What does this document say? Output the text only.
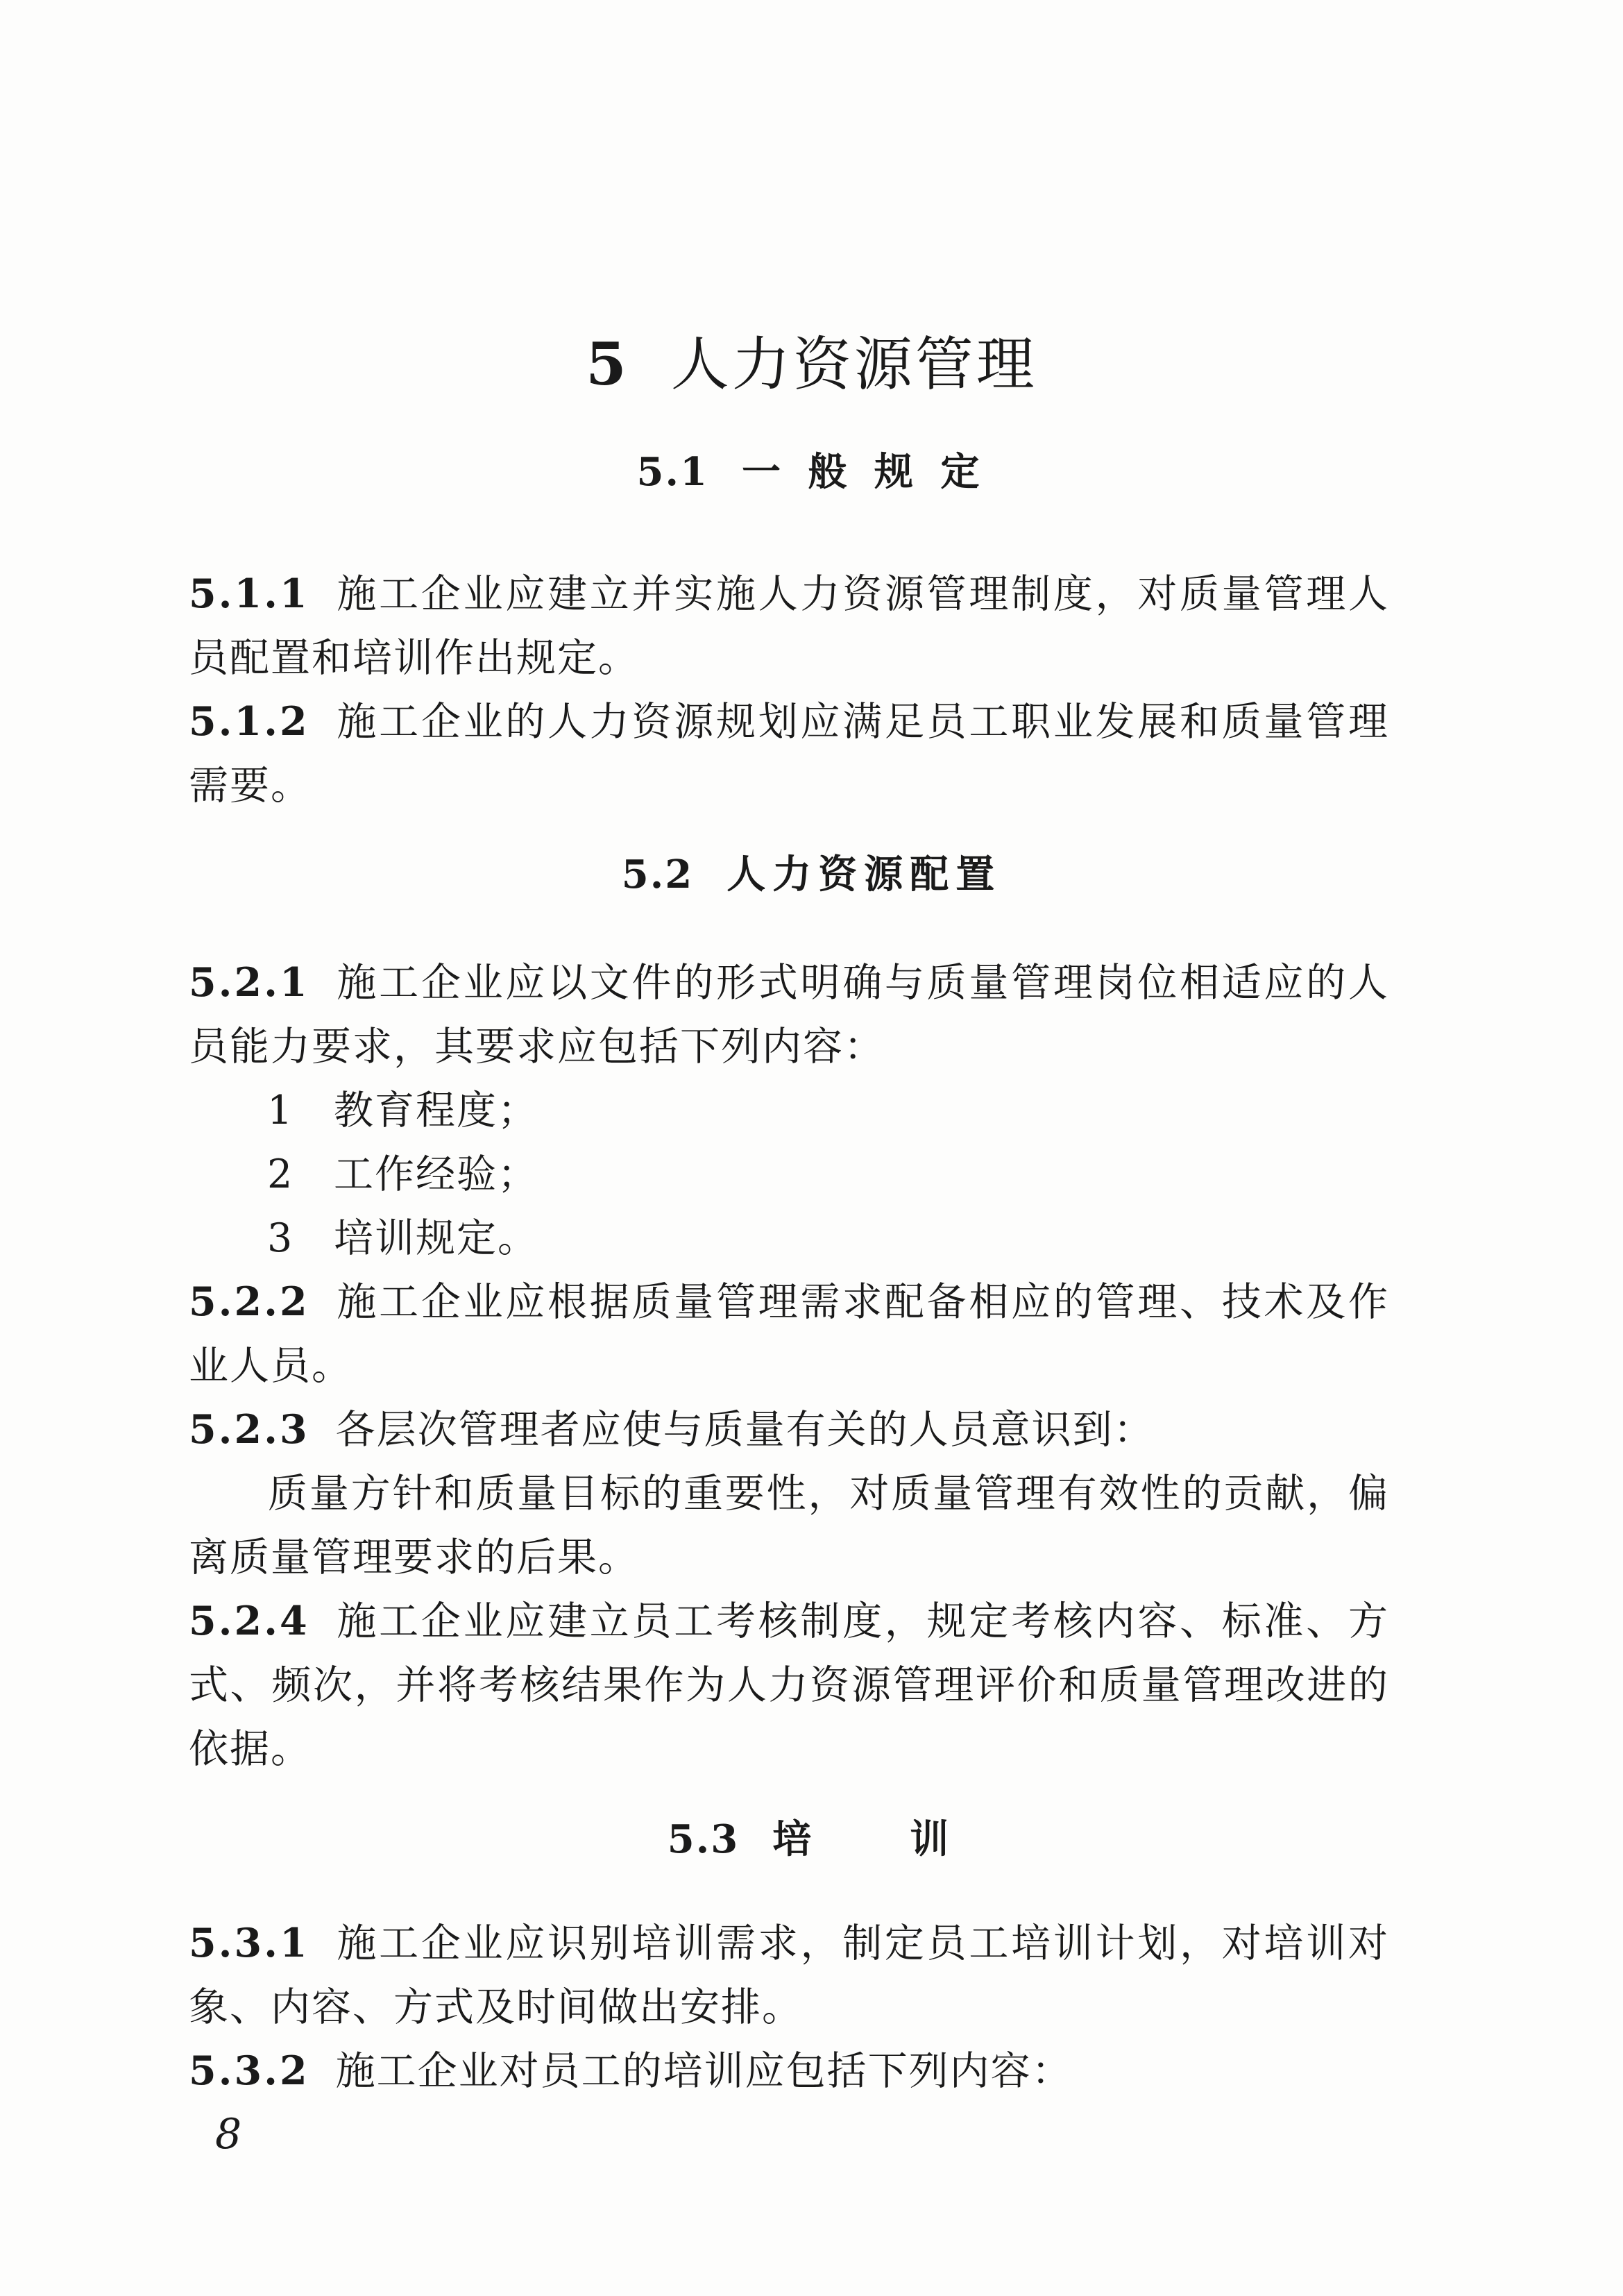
5 人力资源管理
5.1 一 般 规 定
5.1.1 施工企业应建立并实施人力资源管理制度，对质量管理人员配置和培训作出规定。
5.1.2 施工企业的人力资源规划应满足员工职业发展和质量管理需要。
5.2 人力资源配置
5.2.1 施工企业应以文件的形式明确与质量管理岗位相适应的人员能力要求，其要求应包括下列内容：
1 教育程度；
2 工作经验；
3 培训规定。
5.2.2 施工企业应根据质量管理需求配备相应的管理、技术及作业人员。
5.2.3 各层次管理者应使与质量有关的人员意识到：
质量方针和质量目标的重要性，对质量管理有效性的贡献，偏离质量管理要求的后果。
5.2.4 施工企业应建立员工考核制度，规定考核内容、标准、方式、频次，并将考核结果作为人力资源管理评价和质量管理改进的依据。
5.3 培　　训
5.3.1 施工企业应识别培训需求，制定员工培训计划，对培训对象、内容、方式及时间做出安排。
5.3.2 施工企业对员工的培训应包括下列内容：
8
